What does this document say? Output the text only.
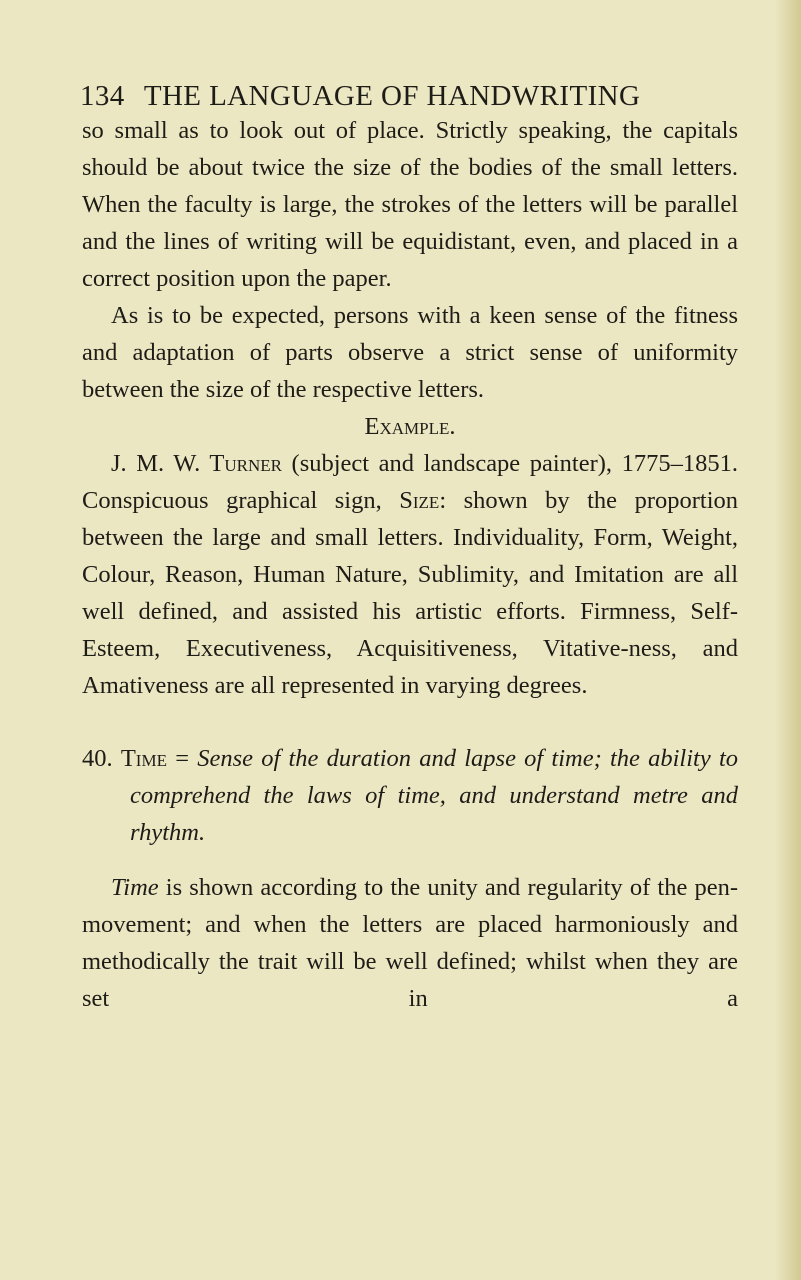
134 THE LANGUAGE OF HANDWRITING

so small as to look out of place. Strictly speaking, the capitals should be about twice the size of the bodies of the small letters. When the faculty is large, the strokes of the letters will be parallel and the lines of writing will be equidistant, even, and placed in a correct position upon the paper.

As is to be expected, persons with a keen sense of the fitness and adaptation of parts observe a strict sense of uniformity between the size of the respective letters.

Example.

J. M. W. Turner (subject and landscape painter), 1775–1851. Conspicuous graphical sign, Size: shown by the proportion between the large and small letters. Individuality, Form, Weight, Colour, Reason, Human Nature, Sublimity, and Imitation are all well defined, and assisted his artistic efforts. Firmness, Self-Esteem, Executiveness, Acquisitiveness, Vitative-ness, and Amativeness are all represented in varying degrees.

40. Time = Sense of the duration and lapse of time; the ability to comprehend the laws of time, and understand metre and rhythm.

Time is shown according to the unity and regularity of the pen-movement; and when the letters are placed harmoniously and methodically the trait will be well defined; whilst when they are set in a
